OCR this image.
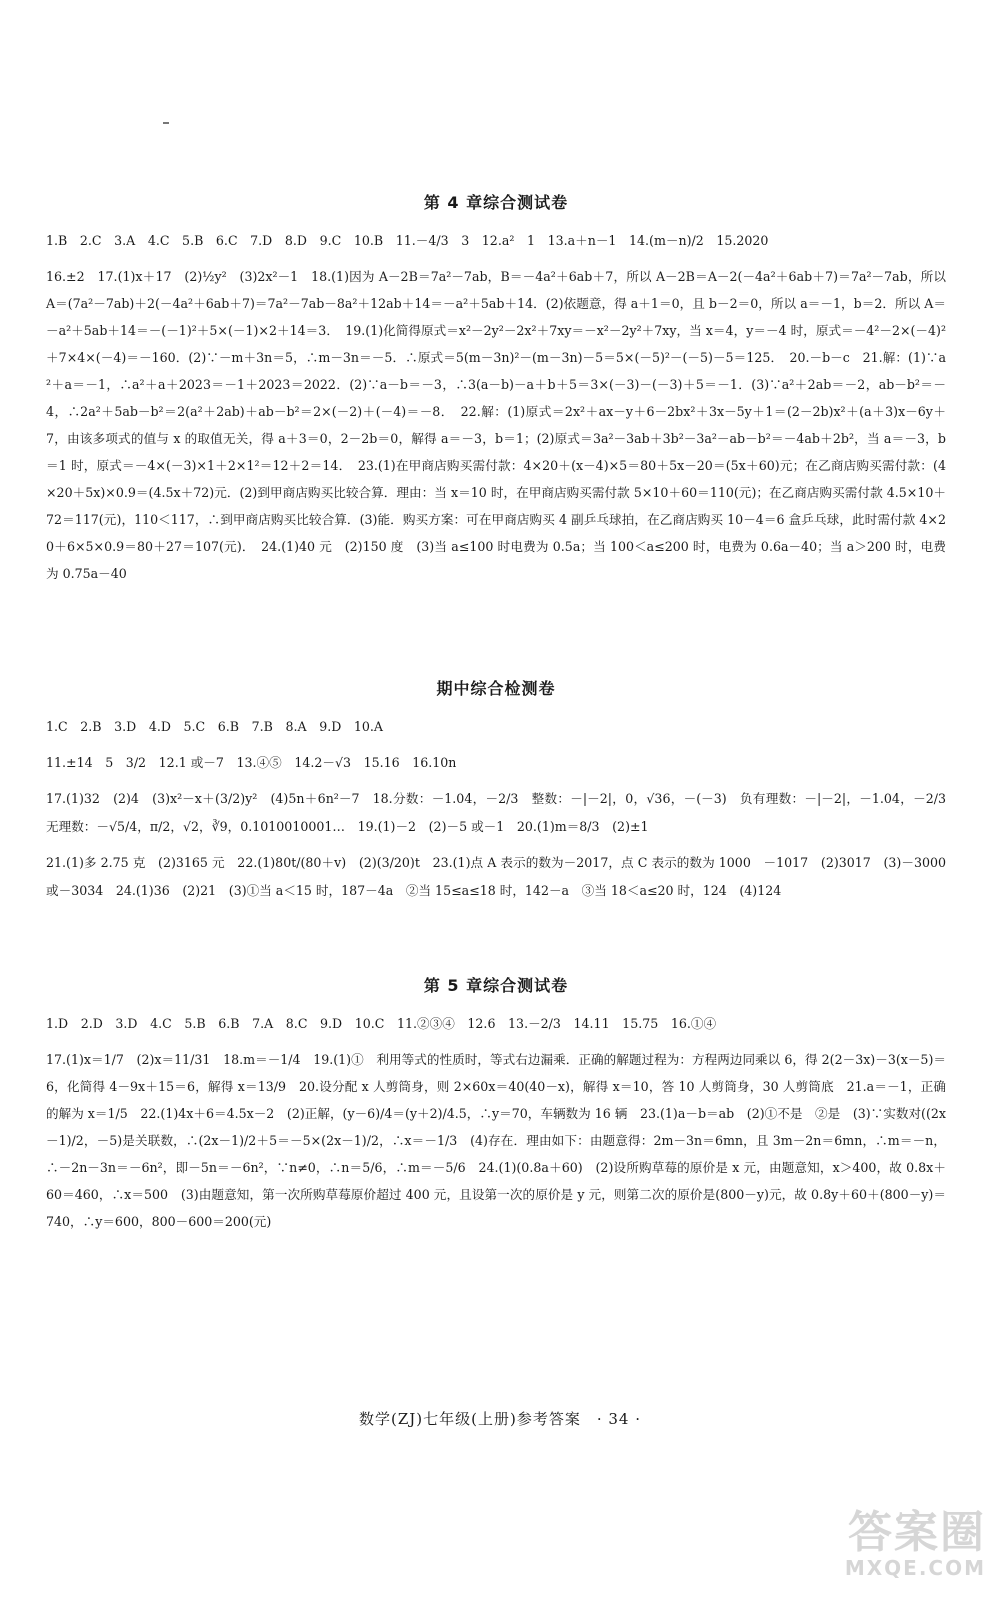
第 4 章综合测试卷

1.B　2.C　3.A　4.C　5.B　6.C　7.D　8.D　9.C　10.B　11.－4/3　3　12.a²　1　13.a＋n－1　14.(m－n)/2　15.2020

16.±2　17.(1)x＋17　(2)½y²　(3)2x²－1　18.(1)因为 A－2B＝7a²－7ab，B＝－4a²＋6ab＋7，所以 A－2B＝A－2(－4a²＋6ab＋7)＝7a²－7ab，所以 A＝(7a²－7ab)＋2(－4a²＋6ab＋7)＝7a²－7ab－8a²＋12ab＋14＝－a²＋5ab＋14．(2)依题意，得 a＋1＝0，且 b－2＝0，所以 a＝－1，b＝2．所以 A＝－a²＋5ab＋14＝－(－1)²＋5×(－1)×2＋14＝3．　19.(1)化简得原式＝x²－2y²－2x²＋7xy＝－x²－2y²＋7xy，当 x＝4，y＝－4 时，原式＝－4²－2×(－4)²＋7×4×(－4)＝－160．(2)∵－m＋3n＝5，∴m－3n＝－5．∴原式＝5(m－3n)²－(m－3n)－5＝5×(－5)²－(－5)－5＝125．　20.－b－c　21.解：(1)∵a²＋a＝－1，∴a²＋a＋2023＝－1＋2023＝2022．(2)∵a－b＝－3，∴3(a－b)－a＋b＋5＝3×(－3)－(－3)＋5＝－1．(3)∵a²＋2ab＝－2，ab－b²＝－4，∴2a²＋5ab－b²＝2(a²＋2ab)＋ab－b²＝2×(－2)＋(－4)＝－8．　22.解：(1)原式＝2x²＋ax－y＋6－2bx²＋3x－5y＋1＝(2－2b)x²＋(a＋3)x－6y＋7，由该多项式的值与 x 的取值无关，得 a＋3＝0，2－2b＝0，解得 a＝－3，b＝1；(2)原式＝3a²－3ab＋3b²－3a²－ab－b²＝－4ab＋2b²，当 a＝－3，b＝1 时，原式＝－4×(－3)×1＋2×1²＝12＋2＝14．　23.(1)在甲商店购买需付款：4×20＋(x－4)×5＝80＋5x－20＝(5x＋60)元；在乙商店购买需付款：(4×20＋5x)×0.9＝(4.5x＋72)元．(2)到甲商店购买比较合算．理由：当 x＝10 时，在甲商店购买需付款 5×10＋60＝110(元)；在乙商店购买需付款 4.5×10＋72＝117(元)，110＜117，∴到甲商店购买比较合算．(3)能．购买方案：可在甲商店购买 4 副乒乓球拍，在乙商店购买 10－4＝6 盒乒乓球，此时需付款 4×20＋6×5×0.9＝80＋27＝107(元)．　24.(1)40 元　(2)150 度　(3)当 a≤100 时电费为 0.5a；当 100＜a≤200 时，电费为 0.6a－40；当 a＞200 时，电费为 0.75a－40

期中综合检测卷

1.C　2.B　3.D　4.D　5.C　6.B　7.B　8.A　9.D　10.A

11.±14　5　3/2　12.1 或－7　13.④⑤　14.2－√3　15.16　16.10n

17.(1)32　(2)4　(3)x²－x＋(3/2)y²　(4)5n＋6n²－7　18.分数：－1.04̇，－2/3　整数：－|－2|，0，√36，－(－3)　负有理数：－|－2|，－1.04̇，－2/3　无理数：－√5/4，π/2，√2，∛9，0.1010010001…　19.(1)－2　(2)－5 或－1　20.(1)m＝8/3　(2)±1

21.(1)多 2.75 克　(2)3165 元　22.(1)80t/(80＋v)　(2)(3/20)t　23.(1)点 A 表示的数为－2017，点 C 表示的数为 1000　－1017　(2)3017　(3)－3000 或－3034　24.(1)36　(2)21　(3)①当 a＜15 时，187－4a　②当 15≤a≤18 时，142－a　③当 18＜a≤20 时，124　(4)124

第 5 章综合测试卷

1.D　2.D　3.D　4.C　5.B　6.B　7.A　8.C　9.D　10.C　11.②③④　12.6　13.－2/3　14.11　15.75　16.①④

17.(1)x＝1/7　(2)x＝11/31　18.m＝－1/4　19.(1)①　利用等式的性质时，等式右边漏乘．正确的解题过程为：方程两边同乘以 6，得 2(2－3x)－3(x－5)＝6，化简得 4－9x＋15＝6，解得 x＝13/9　20.设分配 x 人剪筒身，则 2×60x＝40(40－x)，解得 x＝10，答 10 人剪筒身，30 人剪筒底　21.a＝－1，正确的解为 x＝1/5　22.(1)4x＋6＝4.5x－2　(2)正解，(y－6)/4＝(y＋2)/4.5，∴y＝70，车辆数为 16 辆　23.(1)a－b＝ab　(2)①不是　②是　(3)∵实数对((2x－1)/2，－5)是关联数，∴(2x－1)/2＋5＝－5×(2x－1)/2，∴x＝－1/3　(4)存在．理由如下：由题意得：2m－3n＝6mn，且 3m－2n＝6mn，∴m＝－n，∴－2n－3n＝－6n²，即－5n＝－6n²，∵n≠0，∴n＝5/6，∴m＝－5/6　24.(1)(0.8a＋60)　(2)设所购草莓的原价是 x 元，由题意知，x＞400，故 0.8x＋60＝460，∴x＝500　(3)由题意知，第一次所购草莓原价超过 400 元，且设第一次的原价是 y 元，则第二次的原价是(800－y)元，故 0.8y＋60＋(800－y)＝740，∴y＝600，800－600＝200(元)

数学(ZJ)七年级(上册)参考答案　· 34 ·
答案圈
MXQE.COM
